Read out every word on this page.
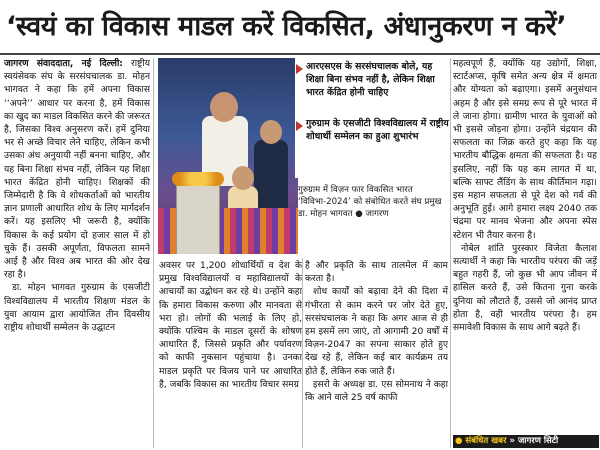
‘स्वयं का विकास माडल करें विकसित, अंधानुकरण न करें’

जागरण संवाददाता, नई दिल्ली: राष्ट्रीय स्वयंसेवक संघ के सरसंघचालक डा. मोहन भागवत ने कहा कि हमें अपना विकास ‘‘अपने’’ आधार पर करना है, हमें विकास का खुद का माडल विकसित करने की जरूरत है, जिसका विश्व अनुसरण करें। हमें दुनिया भर से अच्छे विचार लेने चाहिए, लेकिन कभी उसका अंध अनुयायी नहीं बनना चाहिए, और यह बिना शिक्षा संभव नहीं, लेकिन यह शिक्षा भारत केंद्रित होनी चाहिए। शिक्षकों की जिम्मेदारी है कि वे शोधकर्ताओं को भारतीय ज्ञान प्रणाली आधारित शोध के लिए मार्गदर्शन करें। यह इसलिए भी जरूरी है, क्योंकि विकास के कई प्रयोग दो हजार साल में हो चुके हैं। उसकी अपूर्णता, विफलता सामने आई है और विश्व अब भारत की ओर देख रहा है।

डा. मोहन भागवत गुरुग्राम के एसजीटी विश्वविद्यालय में भारतीय शिक्षण मंडल के युवा आयाम द्वारा आयोजित तीन दिवसीय राष्ट्रीय शोधार्थी सम्मेलन के उद्घाटन

आरएसएस के सरसंघचालक बोले, यह शिक्षा बिना संभव नहीं है, लेकिन शिक्षा भारत केंद्रित होनी चाहिए
गुरुग्राम के एसजीटी विश्वविद्यालय में राष्ट्रीय शोधार्थी सम्मेलन का हुआ शुभारंभ
गुरुग्राम में विज़न फार विकसित भारत ‘विविभा-2024’ को संबोधित करते संघ प्रमुख डा. मोहन भागवत ● जागरण

अवसर पर 1,200 शोधार्थियों व देश के प्रमुख विश्वविद्यालयों व महाविद्यालयों के आचार्यों का उद्बोधन कर रहे थे। उन्होंने कहा कि हमारा विकास करुणा और मानवता से भरा हो। लोगों की भलाई के लिए हो, क्योंकि पश्चिम के माडल दूसरों के शोषण आधारित हैं, जिससे प्रकृति और पर्यावरण को काफी नुकसान पहुंचाया है। उनका माडल प्रकृति पर विजय पाने पर आधारित है, जबकि विकास का भारतीय विचार समग्र

है और प्रकृति के साथ तालमेल में काम करता है।

शोध कार्यों को बढ़ावा देने की दिशा में गंभीरता से काम करने पर जोर देते हुए, सरसंघचालक ने कहा कि अगर आज से ही हम इसमें लग जाएं, तो आगामी 20 वर्षों में विज़न-2047 का सपना साकार होते हुए देख रहे हैं, लेकिन कई बार कार्यक्रम तय होते हैं, लेकिन रुक जाते हैं।

इसरो के अध्यक्ष डा. एस सोमनाथ ने कहा कि आने वाले 25 वर्ष काफी

महत्वपूर्ण हैं, क्योंकि यह उद्योगों, शिक्षा, स्टार्टअप्स, कृषि समेत अन्य क्षेत्र में क्षमता और योग्यता को बढ़ाएगा। इसमें अनुसंधान अहम है और इसे समग्र रूप से पूरे भारत में ले जाना होगा। ग्रामीण भारत के युवाओं को भी इससे जोड़ना होगा। उन्होंने चंद्रयान की सफलता का जिक्र करते हुए कहा कि यह भारतीय बौद्धिक क्षमता की सफलता है। यह इसलिए, नहीं कि यह कम लागत में था, बल्कि साफ्ट लैंडिंग के साथ कीर्तिमान गढ़ा। इस महान सफलता से पूरे देश को गर्व की अनुभूति हुई। आगे हमारा लक्ष्य 2040 तक चंद्रमा पर मानव भेजना और अपना स्पेस स्टेशन भी तैयार करना है।

नोबेल शांति पुरस्कार विजेता कैलाश सत्यार्थी ने कहा कि भारतीय परंपरा की जड़ें बहुत गहरी हैं, जो कुछ भी आप जीवन में हासिल करते हैं, उसे कितना गुना करके दुनिया को लौटाते हैं, उससे जो आनंद प्राप्त होता है, वही भारतीय परंपरा है। हम समावेशी विकास के साथ आगे बढ़ते हैं।

● संबंधित खबर » जागरण सिटी
